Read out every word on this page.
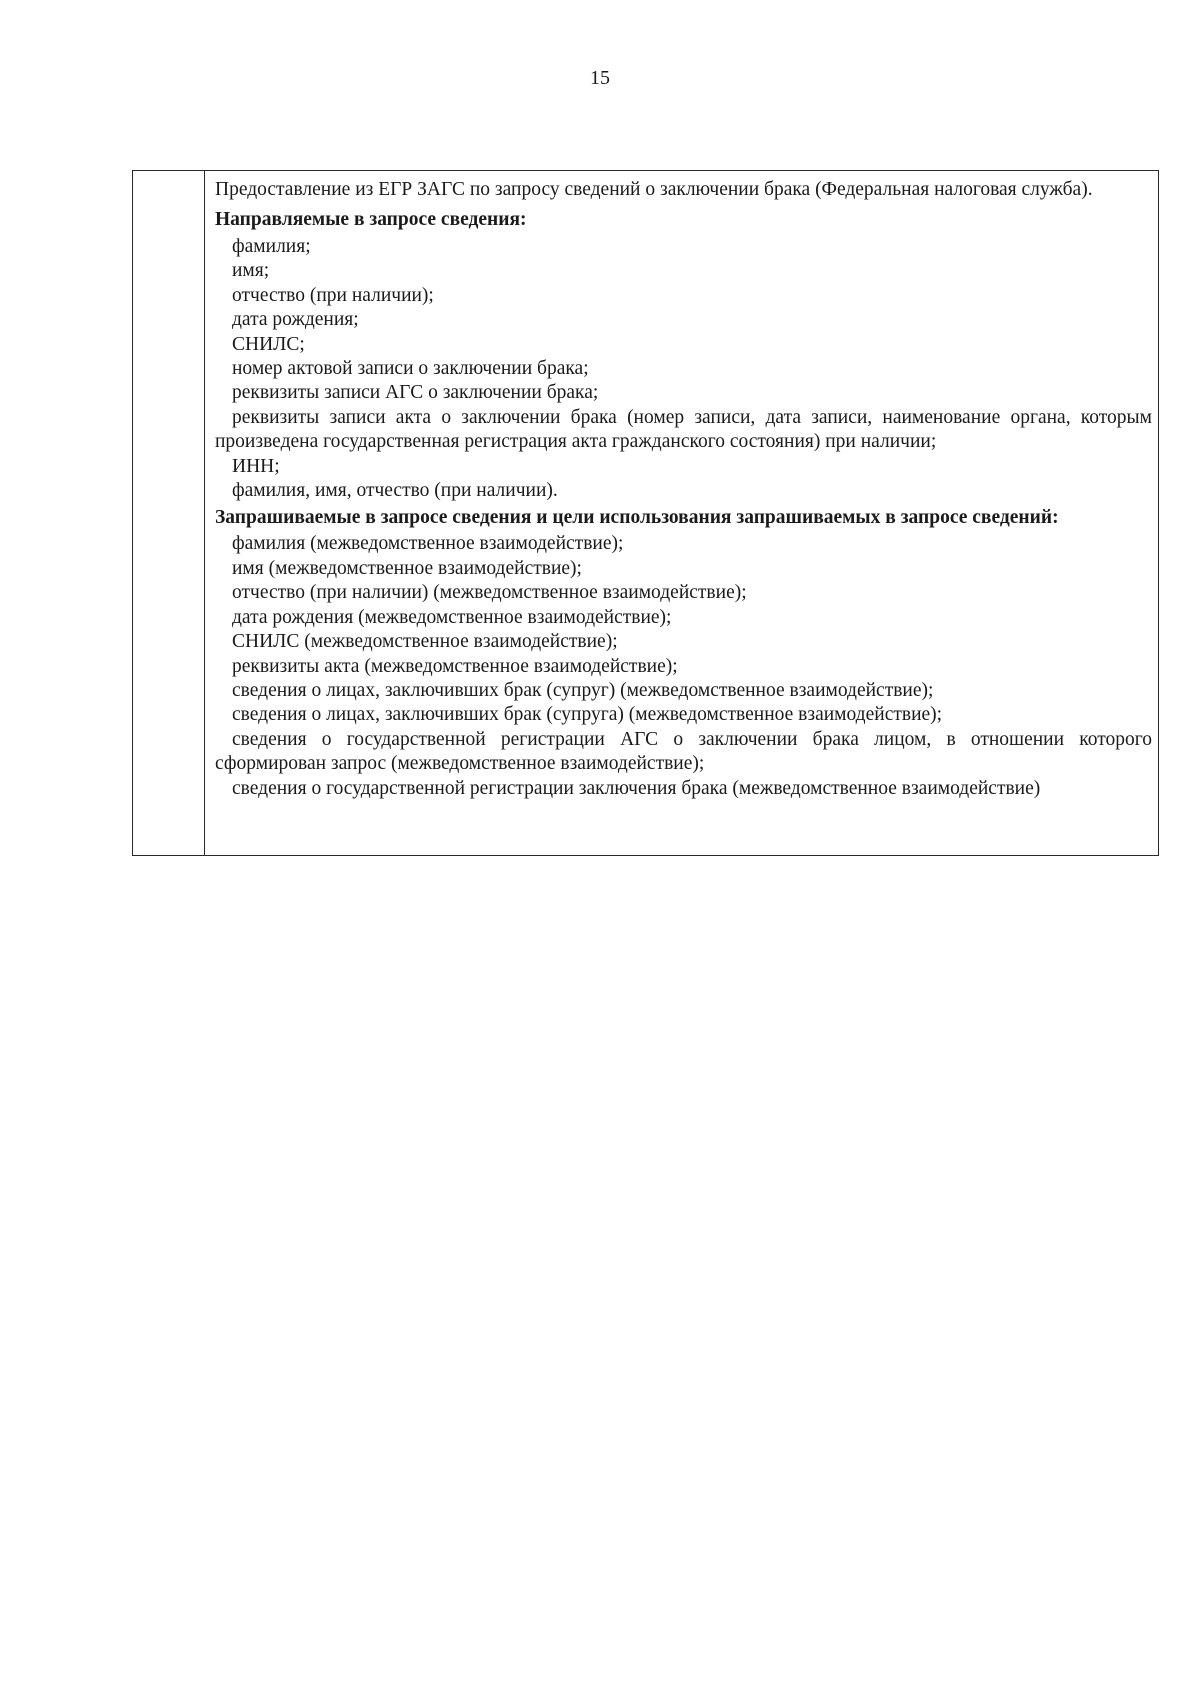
15

Предоставление из ЕГР ЗАГС по запросу сведений о заключении брака (Федеральная налоговая служба).

Направляемые в запросе сведения:

фамилия;
имя;
отчество (при наличии);
дата рождения;
СНИЛС;
номер актовой записи о заключении брака;
реквизиты записи АГС о заключении брака;
реквизиты записи акта о заключении брака (номер записи, дата записи, наименование органа, которым произведена государственная регистрация акта гражданского состояния) при наличии;
ИНН;
фамилия, имя, отчество (при наличии).

Запрашиваемые в запросе сведения и цели использования запрашиваемых в запросе сведений:

фамилия (межведомственное взаимодействие);
имя (межведомственное взаимодействие);
отчество (при наличии) (межведомственное взаимодействие);
дата рождения (межведомственное взаимодействие);
СНИЛС (межведомственное взаимодействие);
реквизиты акта (межведомственное взаимодействие);
сведения о лицах, заключивших брак (супруг) (межведомственное взаимодействие);
сведения о лицах, заключивших брак (супруга) (межведомственное взаимодействие);
сведения о государственной регистрации АГС о заключении брака лицом, в отношении которого сформирован запрос (межведомственное взаимодействие);
сведения о государственной регистрации заключения брака (межведомственное взаимодействие)
